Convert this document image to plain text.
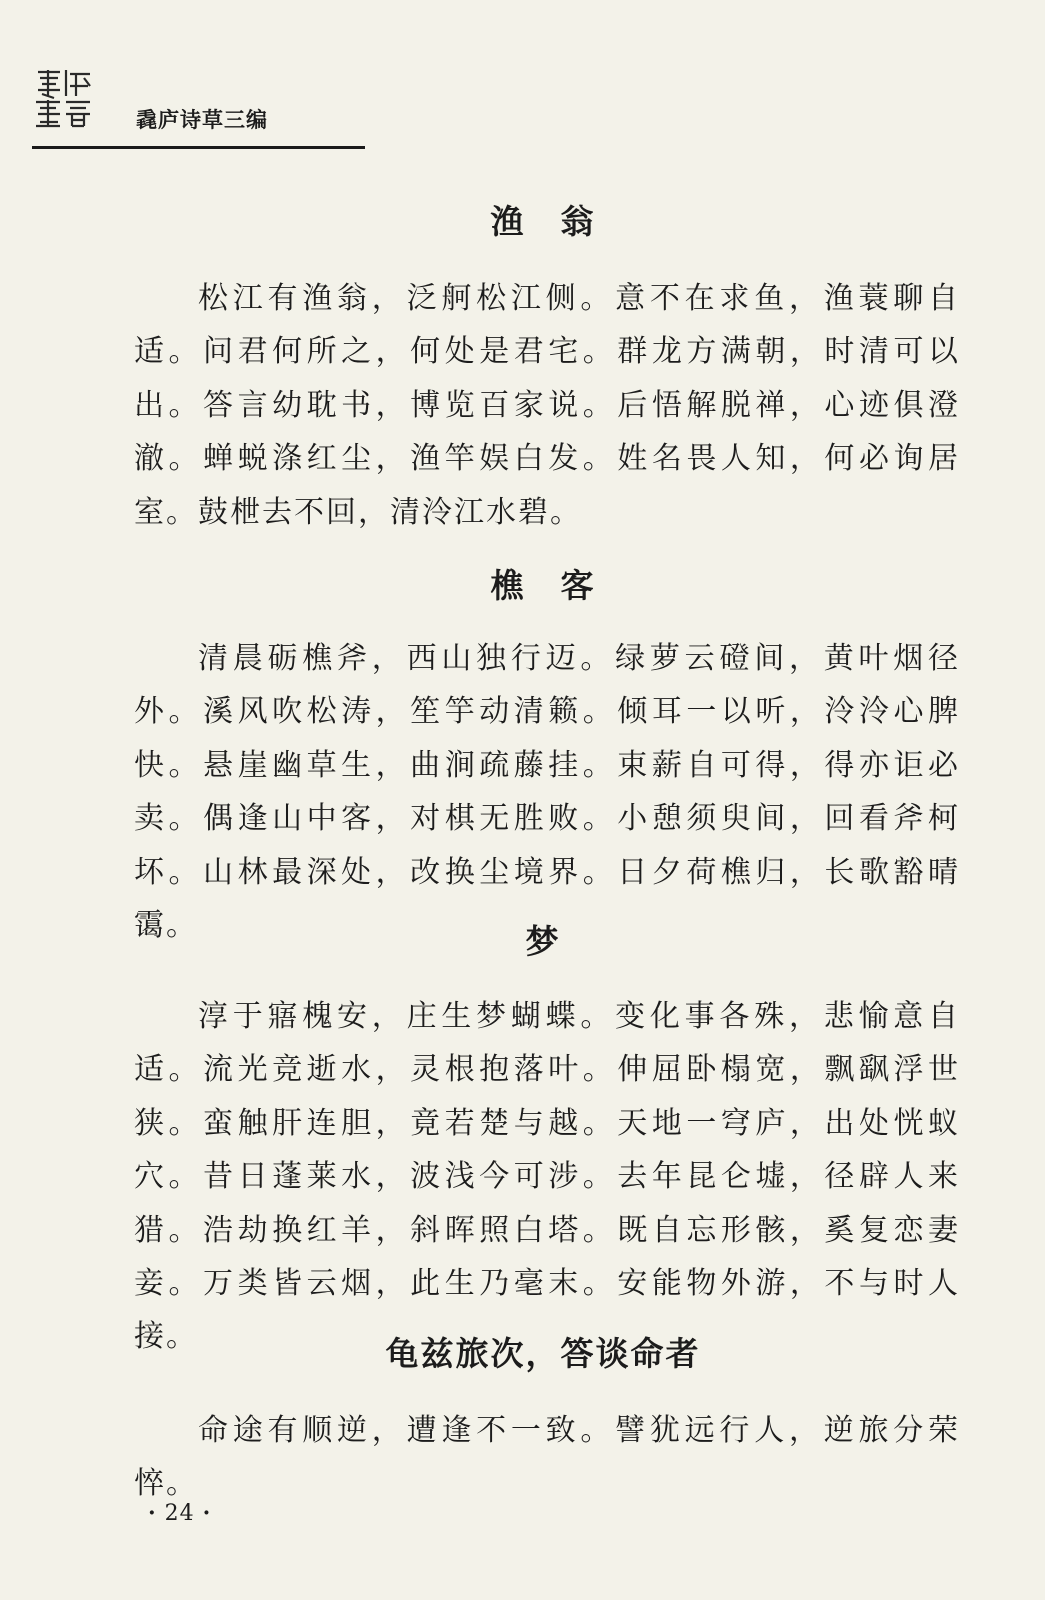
毳庐诗草三编
渔　翁

松江有渔翁，泛舸松江侧。意不在求鱼，渔蓑聊自适。问君何所之，何处是君宅。群龙方满朝，时清可以出。答言幼耽书，博览百家说。后悟解脱禅，心迹俱澄澈。蝉蜕涤红尘，渔竿娱白发。姓名畏人知，何必询居室。鼓枻去不回，清泠江水碧。

樵　客

清晨砺樵斧，西山独行迈。绿萝云磴间，黄叶烟径外。溪风吹松涛，笙竽动清籁。倾耳一以听，泠泠心脾快。悬崖幽草生，曲涧疏藤挂。束薪自可得，得亦讵必卖。偶逢山中客，对棋无胜败。小憩须臾间，回看斧柯坏。山林最深处，改换尘境界。日夕荷樵归，长歌豁晴霭。	梦

淳于寤槐安，庄生梦蝴蝶。变化事各殊，悲愉意自适。流光竞逝水，灵根抱落叶。伸屈卧榻宽，飘飖浮世狭。蛮触肝连胆，竟若楚与越。天地一穹庐，出处恍蚁穴。昔日蓬莱水，波浅今可涉。去年昆仑墟，径辟人来猎。浩劫换红羊，斜晖照白塔。既自忘形骸，奚复恋妻妾。万类皆云烟，此生乃毫末。安能物外游，不与时人接。	龟兹旅次，答谈命者

命途有顺逆，遭逢不一致。譬犹远行人，逆旅分荣悴。

· 24 ·
